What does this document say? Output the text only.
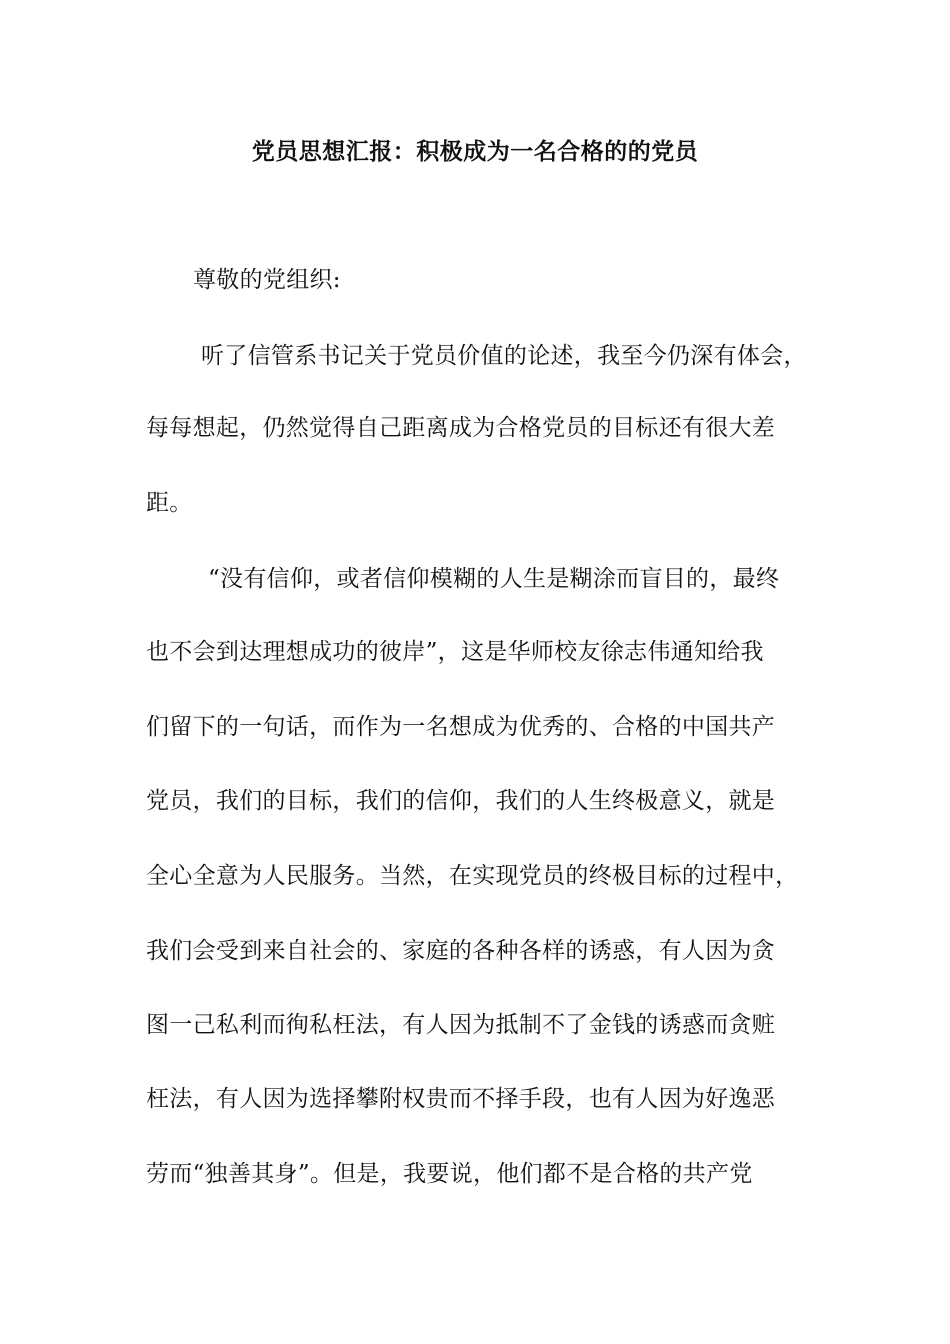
党员思想汇报：积极成为一名合格的的党员
尊敬的党组织:
听了信管系书记关于党员价值的论述，我至今仍深有体会，
每每想起，仍然觉得自己距离成为合格党员的目标还有很大差
距。
“没有信仰，或者信仰模糊的人生是糊涂而盲目的，最终
也不会到达理想成功的彼岸”，这是华师校友徐志伟通知给我
们留下的一句话，而作为一名想成为优秀的、合格的中国共产
党员，我们的目标，我们的信仰，我们的人生终极意义，就是
全心全意为人民服务。当然，在实现党员的终极目标的过程中，
我们会受到来自社会的、家庭的各种各样的诱惑，有人因为贪
图一己私利而徇私枉法，有人因为抵制不了金钱的诱惑而贪赃
枉法，有人因为选择攀附权贵而不择手段，也有人因为好逸恶
劳而“独善其身”。但是，我要说，他们都不是合格的共产党
